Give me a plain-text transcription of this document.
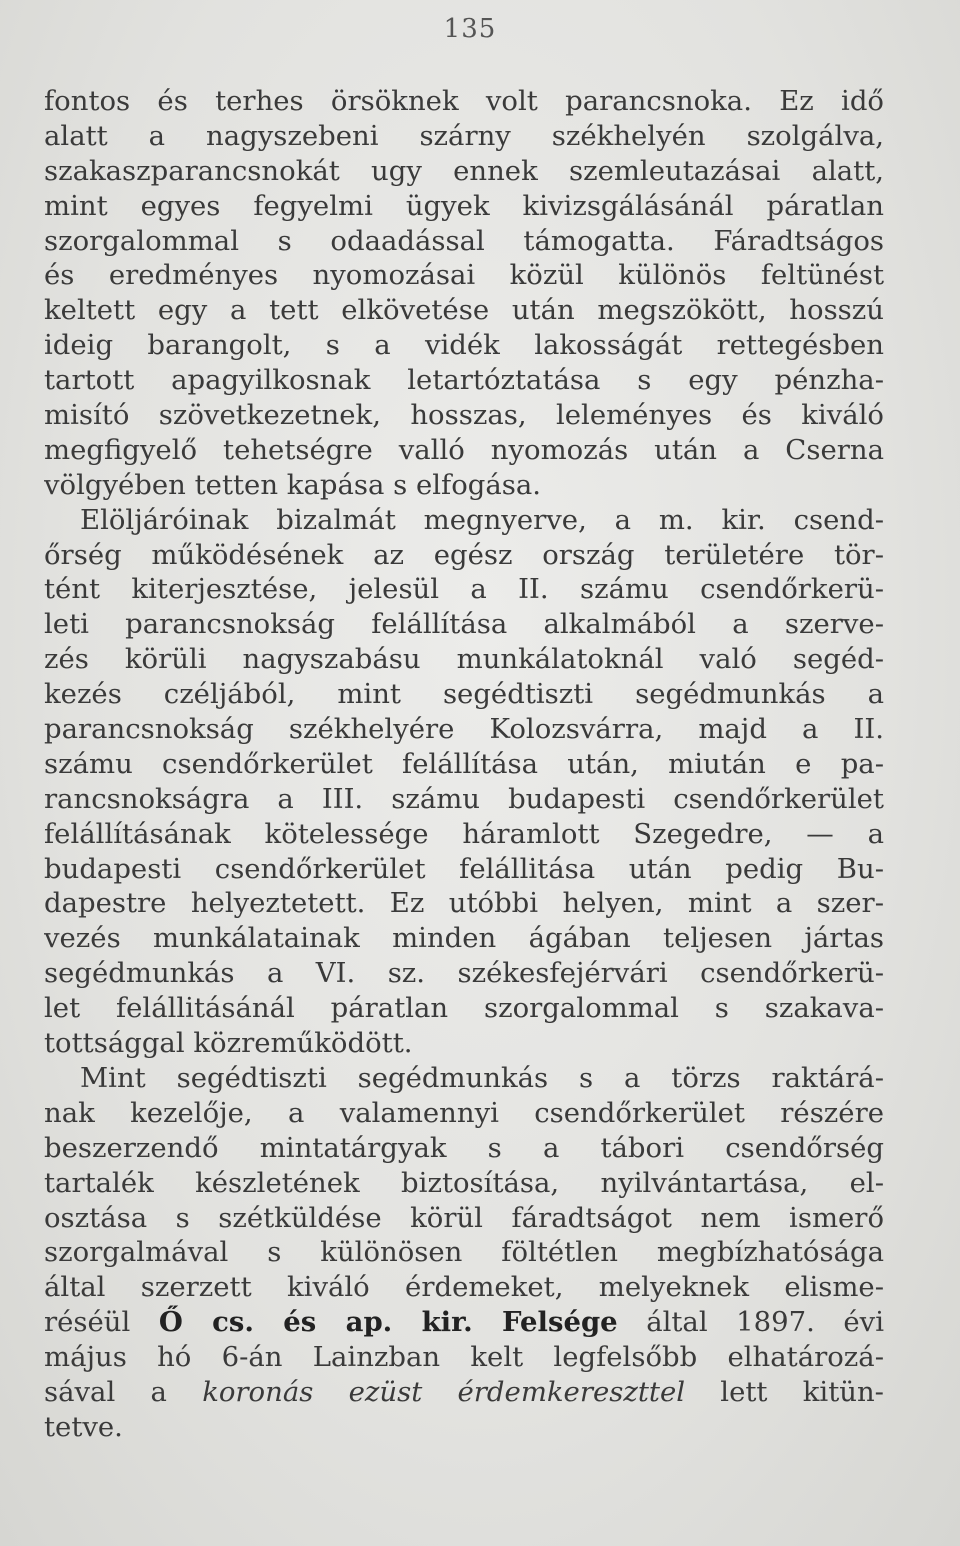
135
fontos és terhes örsöknek volt parancsnoka. Ez idő
alatt a nagyszebeni szárny székhelyén szolgálva,
szakaszparancsnokát ugy ennek szemleutazásai alatt,
mint egyes fegyelmi ügyek kivizsgálásánál páratlan
szorgalommal s odaadással támogatta. Fáradtságos
és eredményes nyomozásai közül különös feltünést
keltett egy a tett elkövetése után megszökött, hosszú
ideig barangolt, s a vidék lakosságát rettegésben
tartott apagyilkosnak letartóztatása s egy pénzha-
misító szövetkezetnek, hosszas, leleményes és kiváló
megfigyelő tehetségre valló nyomozás után a Cserna
völgyében tetten kapása s elfogása.
Elöljáróinak bizalmát megnyerve, a m. kir. csend-
őrség működésének az egész ország területére tör-
tént kiterjesztése, jelesül a II. számu csendőrkerü-
leti parancsnokság felállítása alkalmából a szerve-
zés körüli nagyszabásu munkálatoknál való segéd-
kezés czéljából, mint segédtiszti segédmunkás a
parancsnokság székhelyére Kolozsvárra, majd a II.
számu csendőrkerület felállítása után, miután e pa-
rancsnokságra a III. számu budapesti csendőrkerület
felállításának kötelessége háramlott Szegedre, — a
budapesti csendőrkerület felállitása után pedig Bu-
dapestre helyeztetett. Ez utóbbi helyen, mint a szer-
vezés munkálatainak minden ágában teljesen jártas
segédmunkás a VI. sz. székesfejérvári csendőrkerü-
let felállitásánál páratlan szorgalommal s szakava-
tottsággal közreműködött.
Mint segédtiszti segédmunkás s a törzs raktárá-
nak kezelője, a valamennyi csendőrkerület részére
beszerzendő mintatárgyak s a tábori csendőrség
tartalék készletének biztosítása, nyilvántartása, el-
osztása s szétküldése körül fáradtságot nem ismerő
szorgalmával s különösen föltétlen megbízhatósága
által szerzett kiváló érdemeket, melyeknek elisme-
réséül Ő cs. és ap. kir. Felsége által 1897. évi
május hó 6-án Lainzban kelt legfelsőbb elhatározá-
sával a koronás ezüst érdemkereszttel lett kitün-
tetve.
